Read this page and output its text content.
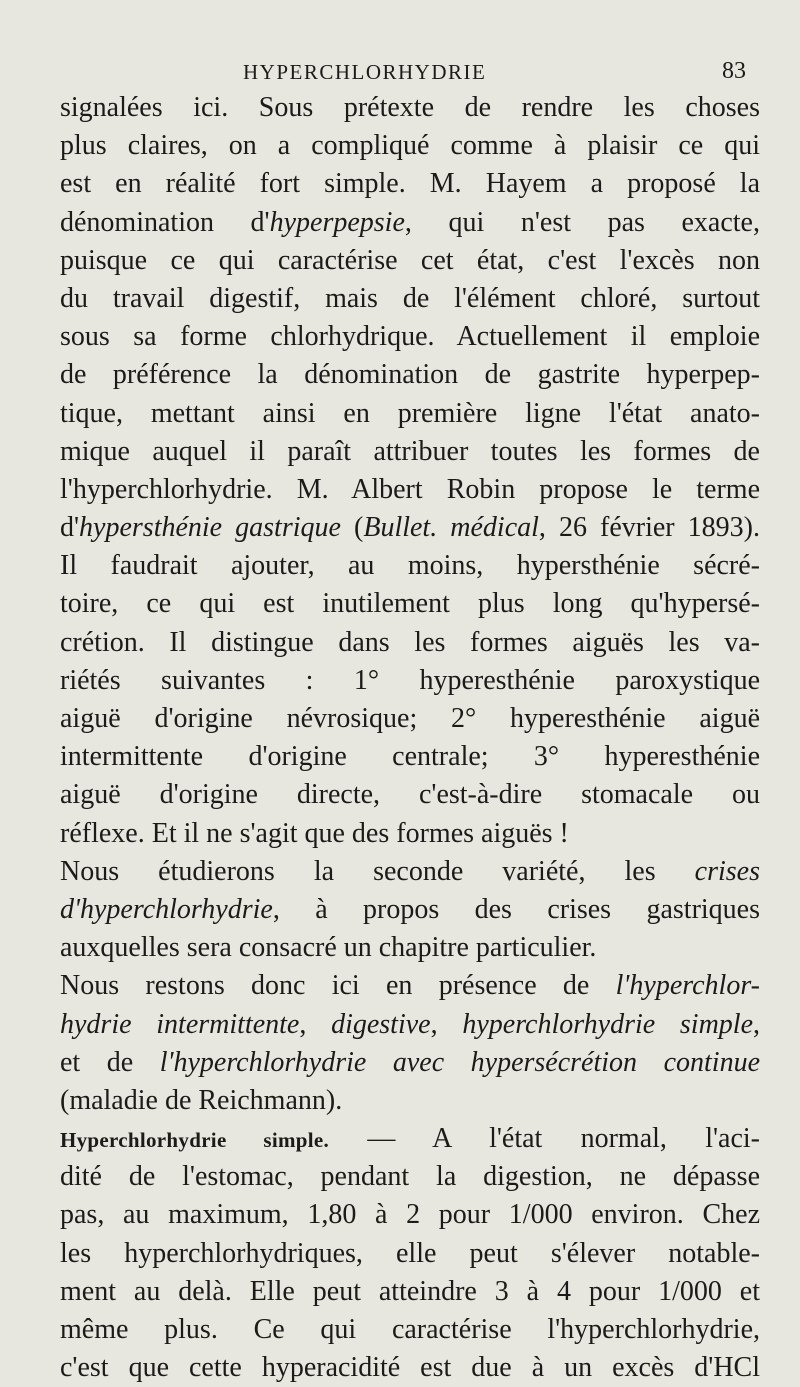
HYPERCHLORHYDRIE	83
signalées ici. Sous prétexte de rendre les choses
plus claires, on a compliqué comme à plaisir ce qui
est en réalité fort simple. M. Hayem a proposé la
dénomination d'hyperpepsie, qui n'est pas exacte,
puisque ce qui caractérise cet état, c'est l'excès non
du travail digestif, mais de l'élément chloré, surtout
sous sa forme chlorhydrique. Actuellement il emploie
de préférence la dénomination de gastrite hyperpep-
tique, mettant ainsi en première ligne l'état anato-
mique auquel il paraît attribuer toutes les formes de
l'hyperchlorhydrie. M. Albert Robin propose le terme
d'hypersthénie gastrique (Bullet. médical, 26 février 1893).
Il faudrait ajouter, au moins, hypersthénie sécré-
toire, ce qui est inutilement plus long qu'hypersé-
crétion. Il distingue dans les formes aiguës les va-
riétés suivantes : 1° hyperesthénie paroxystique
aiguë d'origine névrosique; 2° hyperesthénie aiguë
intermittente d'origine centrale; 3° hyperesthénie
aiguë d'origine directe, c'est-à-dire stomacale ou
réflexe. Et il ne s'agit que des formes aiguës !
Nous étudierons la seconde variété, les crises
d'hyperchlorhydrie, à propos des crises gastriques
auxquelles sera consacré un chapitre particulier.
Nous restons donc ici en présence de l'hyperchlor-
hydrie intermittente, digestive, hyperchlorhydrie simple,
et de l'hyperchlorhydrie avec hypersécrétion continue
(maladie de Reichmann).
Hyperchlorhydrie simple. — A l'état normal, l'aci-
dité de l'estomac, pendant la digestion, ne dépasse
pas, au maximum, 1,80 à 2 pour 1/000 environ. Chez
les hyperchlorhydriques, elle peut s'élever notable-
ment au delà. Elle peut atteindre 3 à 4 pour 1/000 et
même plus. Ce qui caractérise l'hyperchlorhydrie,
c'est que cette hyperacidité est due à un excès d'HCl
